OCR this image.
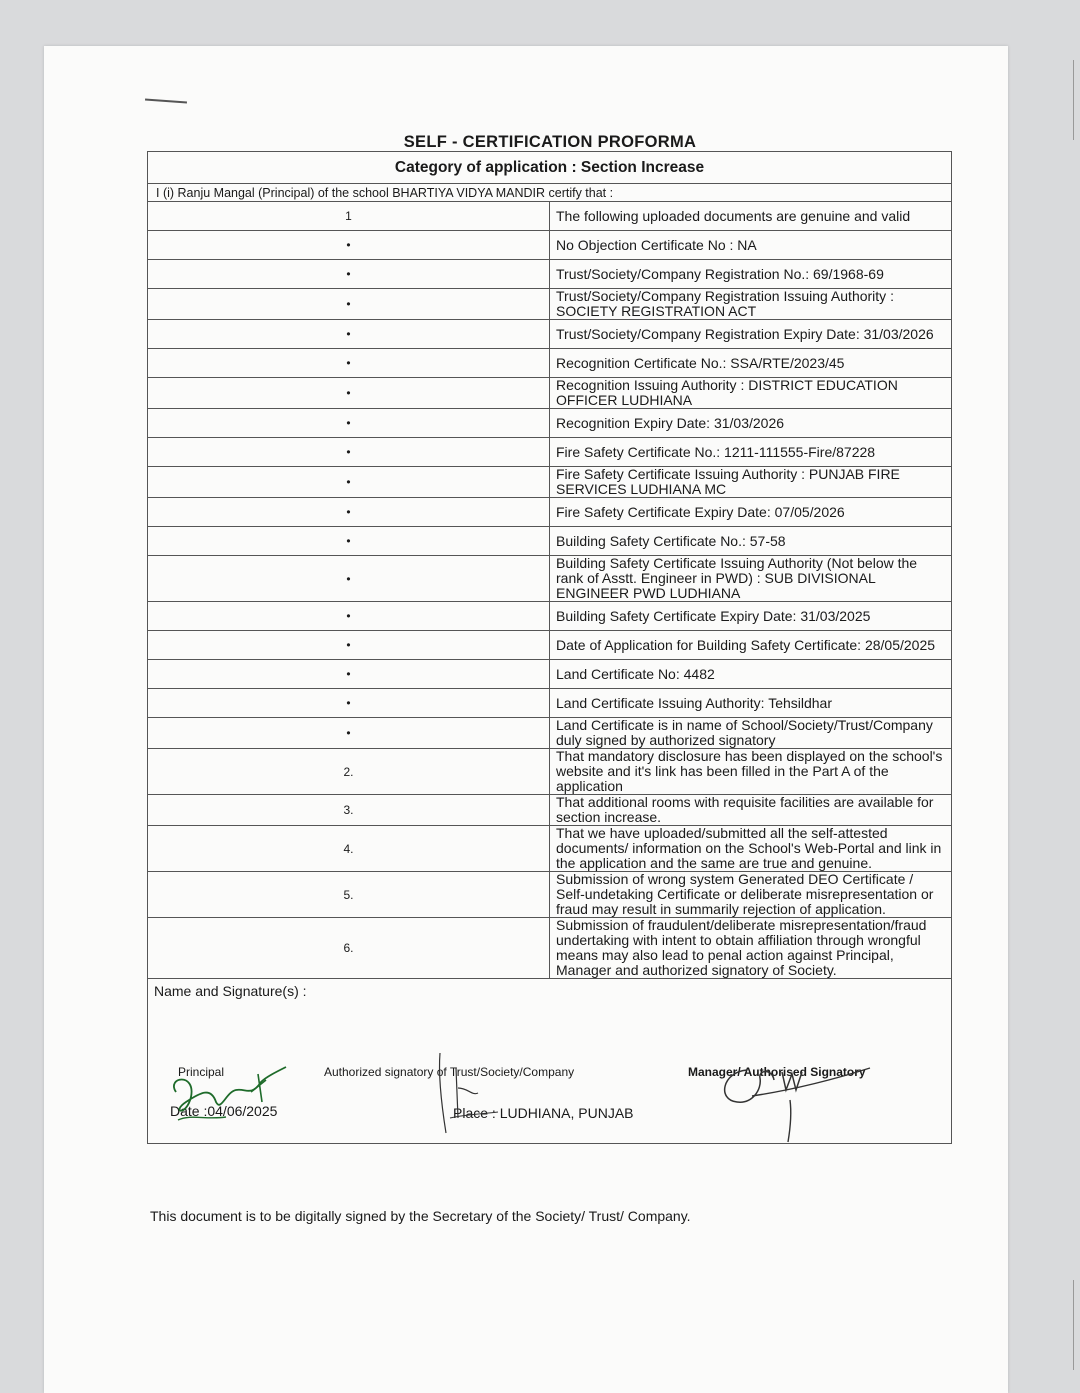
SELF - CERTIFICATION PROFORMA
Category of application : Section Increase	
I (i) Ranju Mangal (Principal) of the school BHARTIYA VIDYA MANDIR certify that :	
1	The following uploaded documents are genuine and valid
•	No Objection Certificate No : NA
•	Trust/Society/Company Registration No.: 69/1968-69
•	Trust/Society/Company Registration Issuing Authority : SOCIETY REGISTRATION ACT
•	Trust/Society/Company Registration Expiry Date: 31/03/2026
•	Recognition Certificate No.: SSA/RTE/2023/45
•	Recognition Issuing Authority : DISTRICT EDUCATION OFFICER LUDHIANA
•	Recognition Expiry Date: 31/03/2026
•	Fire Safety Certificate No.: 1211-111555-Fire/87228
•	Fire Safety Certificate Issuing Authority : PUNJAB FIRE SERVICES LUDHIANA MC
•	Fire Safety Certificate Expiry Date: 07/05/2026
•	Building Safety Certificate No.: 57-58
•	Building Safety Certificate Issuing Authority (Not below the rank of Asstt. Engineer in PWD) : SUB DIVISIONAL ENGINEER PWD LUDHIANA
•	Building Safety Certificate Expiry Date: 31/03/2025
•	Date of Application for Building Safety Certificate: 28/05/2025
•	Land Certificate No: 4482
•	Land Certificate Issuing Authority: Tehsildhar
•	Land Certificate is in name of School/Society/Trust/Company duly signed by authorized signatory
2.	That mandatory disclosure has been displayed on the school's website and it's link has been filled in the Part A of the application
3.	That additional rooms with requisite facilities are available for section increase.
4.	That we have uploaded/submitted all the self-attested documents/ information on the School's Web-Portal and link in the application and the same are true and genuine.
5.	Submission of wrong system Generated DEO Certificate / Self-undetaking Certificate or deliberate misrepresentation or fraud may result in summarily rejection of application.
6.	Submission of fraudulent/deliberate misrepresentation/fraud undertaking with intent to obtain affiliation through wrongful means may also lead to penal action against Principal, Manager and authorized signatory of Society.
Name and Signature(s) :	

Principal Authorized signatory of Trust/Society/Company Manager/ Authorised Signatory	

Date :04/06/2025 Place : LUDHIANA, PUNJAB	
This document is to be digitally signed by the Secretary of the Society/ Trust/ Company.
